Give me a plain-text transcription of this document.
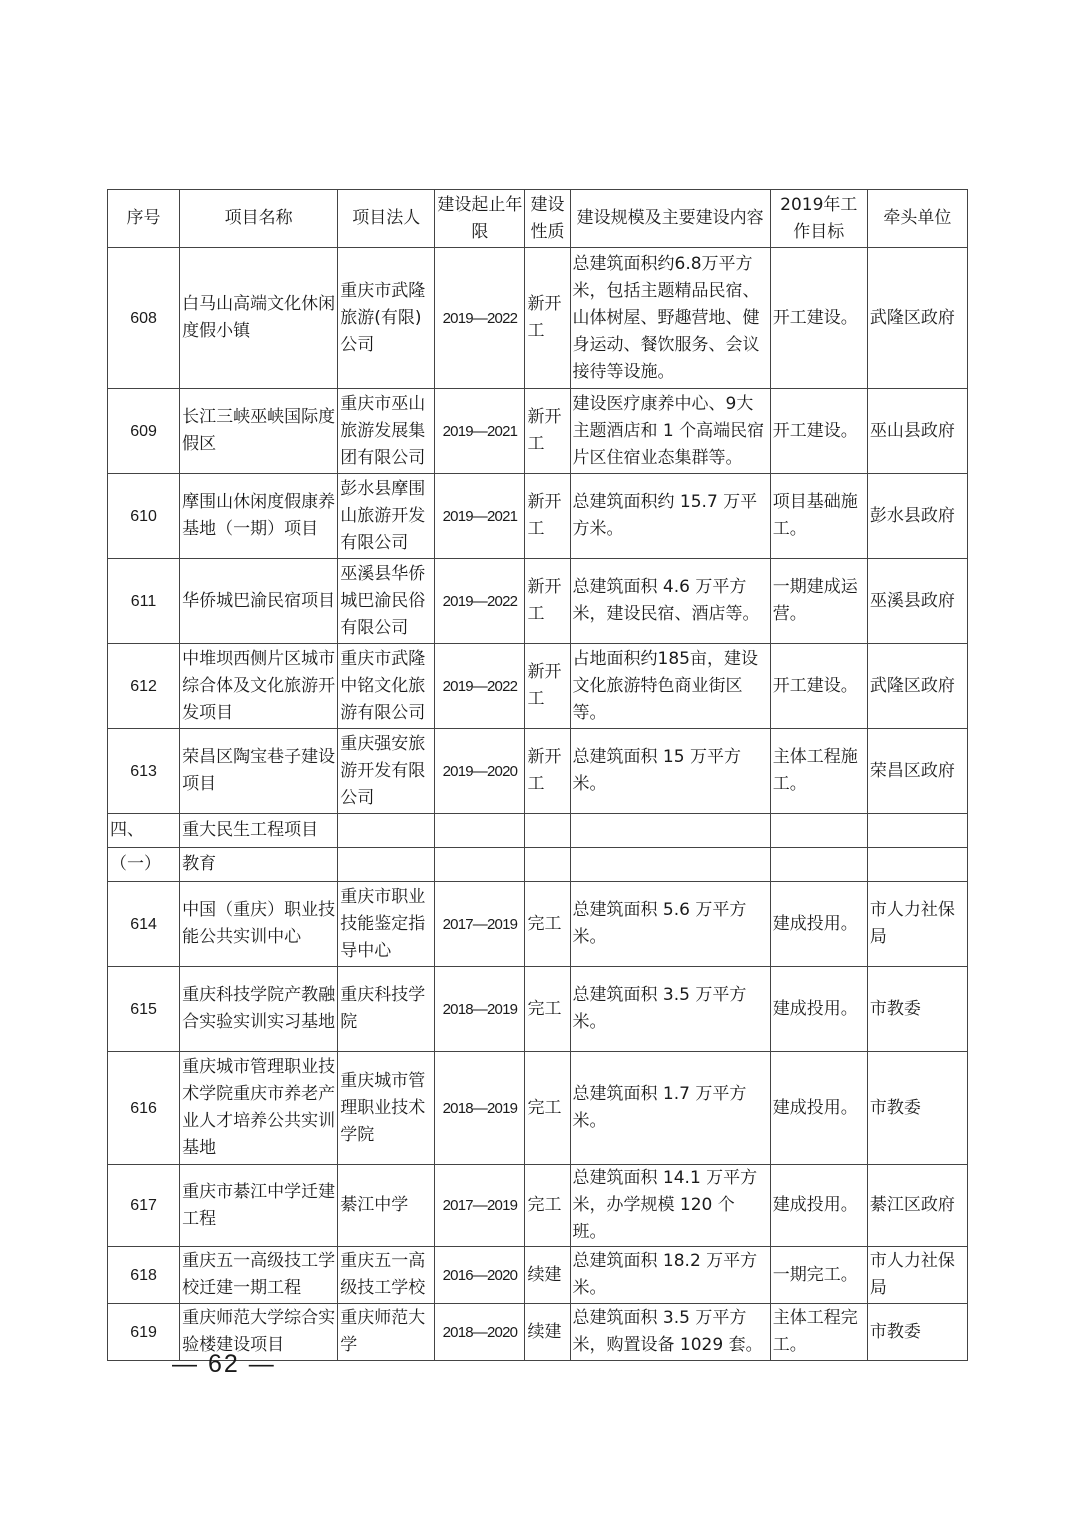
序号	项目名称	项目法人	建设起止年限	建设性质	建设规模及主要建设内容	2019年工作目标	牵头单位
608	白马山高端文化休闲度假小镇	重庆市武隆旅游(有限)公司	2019—2022	新开工	总建筑面积约6.8万平方米，包括主题精品民宿、山体树屋、野趣营地、健身运动、餐饮服务、会议接待等设施。	开工建设。	武隆区政府
609	长江三峡巫峡国际度假区	重庆市巫山旅游发展集团有限公司	2019—2021	新开工	建设医疗康养中心、9大主题酒店和 1 个高端民宿片区住宿业态集群等。	开工建设。	巫山县政府
610	摩围山休闲度假康养基地（一期）项目	彭水县摩围山旅游开发有限公司	2019—2021	新开工	总建筑面积约 15.7 万平方米。	项目基础施工。	彭水县政府
611	华侨城巴渝民宿项目	巫溪县华侨城巴渝民俗有限公司	2019—2022	新开工	总建筑面积 4.6 万平方米，建设民宿、酒店等。	一期建成运营。	巫溪县政府
612	中堆坝西侧片区城市综合体及文化旅游开发项目	重庆市武隆中铭文化旅游有限公司	2019—2022	新开工	占地面积约185亩，建设文化旅游特色商业街区等。	开工建设。	武隆区政府
613	荣昌区陶宝巷子建设项目	重庆强安旅游开发有限公司	2019—2020	新开工	总建筑面积 15 万平方米。	主体工程施工。	荣昌区政府
四、	重大民生工程项目						
（一）	教育						
614	中国（重庆）职业技能公共实训中心	重庆市职业技能鉴定指导中心	2017—2019	完工	总建筑面积 5.6 万平方米。	建成投用。	市人力社保局
615	重庆科技学院产教融合实验实训实习基地	重庆科技学院	2018—2019	完工	总建筑面积 3.5 万平方米。	建成投用。	市教委
616	重庆城市管理职业技术学院重庆市养老产业人才培养公共实训基地	重庆城市管理职业技术学院	2018—2019	完工	总建筑面积 1.7 万平方米。	建成投用。	市教委
617	重庆市綦江中学迁建工程	綦江中学	2017—2019	完工	总建筑面积 14.1 万平方米，办学规模 120 个班。	建成投用。	綦江区政府
618	重庆五一高级技工学校迁建一期工程	重庆五一高级技工学校	2016—2020	续建	总建筑面积 18.2 万平方米。	一期完工。	市人力社保局
619	重庆师范大学综合实验楼建设项目	重庆师范大学	2018—2020	续建	总建筑面积 3.5 万平方米，购置设备 1029 套。	主体工程完工。	市教委
— 62 —
